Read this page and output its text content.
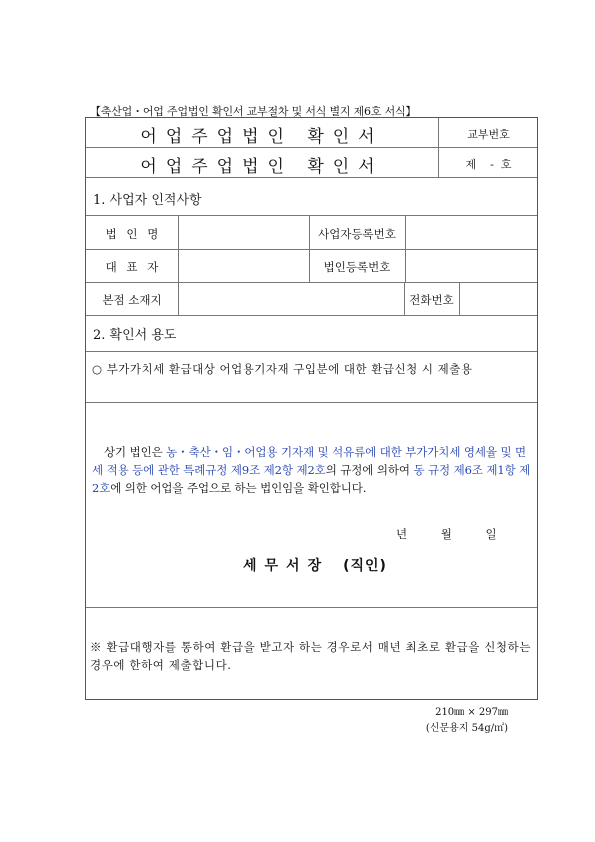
【축산업・어업 주업법인 확인서 교부절차 및 서식 별지 제6호 서식】
어업주업법인 확인서
어업주업법인 확인서
교부번호
제    -  호
1. 사업자 인적사항
법 인 명	사업자등록번호
대 표 자	법인등록번호
본점 소재지	전화번호
2. 확인서 용도
○ 부가가치세 환급대상 어업용기자재 구입분에 대한 환급신청 시 제출용
상기 법인은 농・축산・임・어업용 기자재 및 석유류에 대한 부가가치세 영세율 및 면세 적용 등에 관한 특례규정 제9조 제2항 제2호의 규정에 의하여 동 규정 제6조 제1항 제2호에 의한 어업을 주업으로 하는 법인임을 확인합니다.
년 월 일
세무서장 (직인)
※ 환급대행자를 통하여 환급을 받고자 하는 경우로서 매년 최초로 환급을 신청하는 경우에 한하여 제출합니다.
210㎜ × 297㎜
(신문용지 54g/㎡)
